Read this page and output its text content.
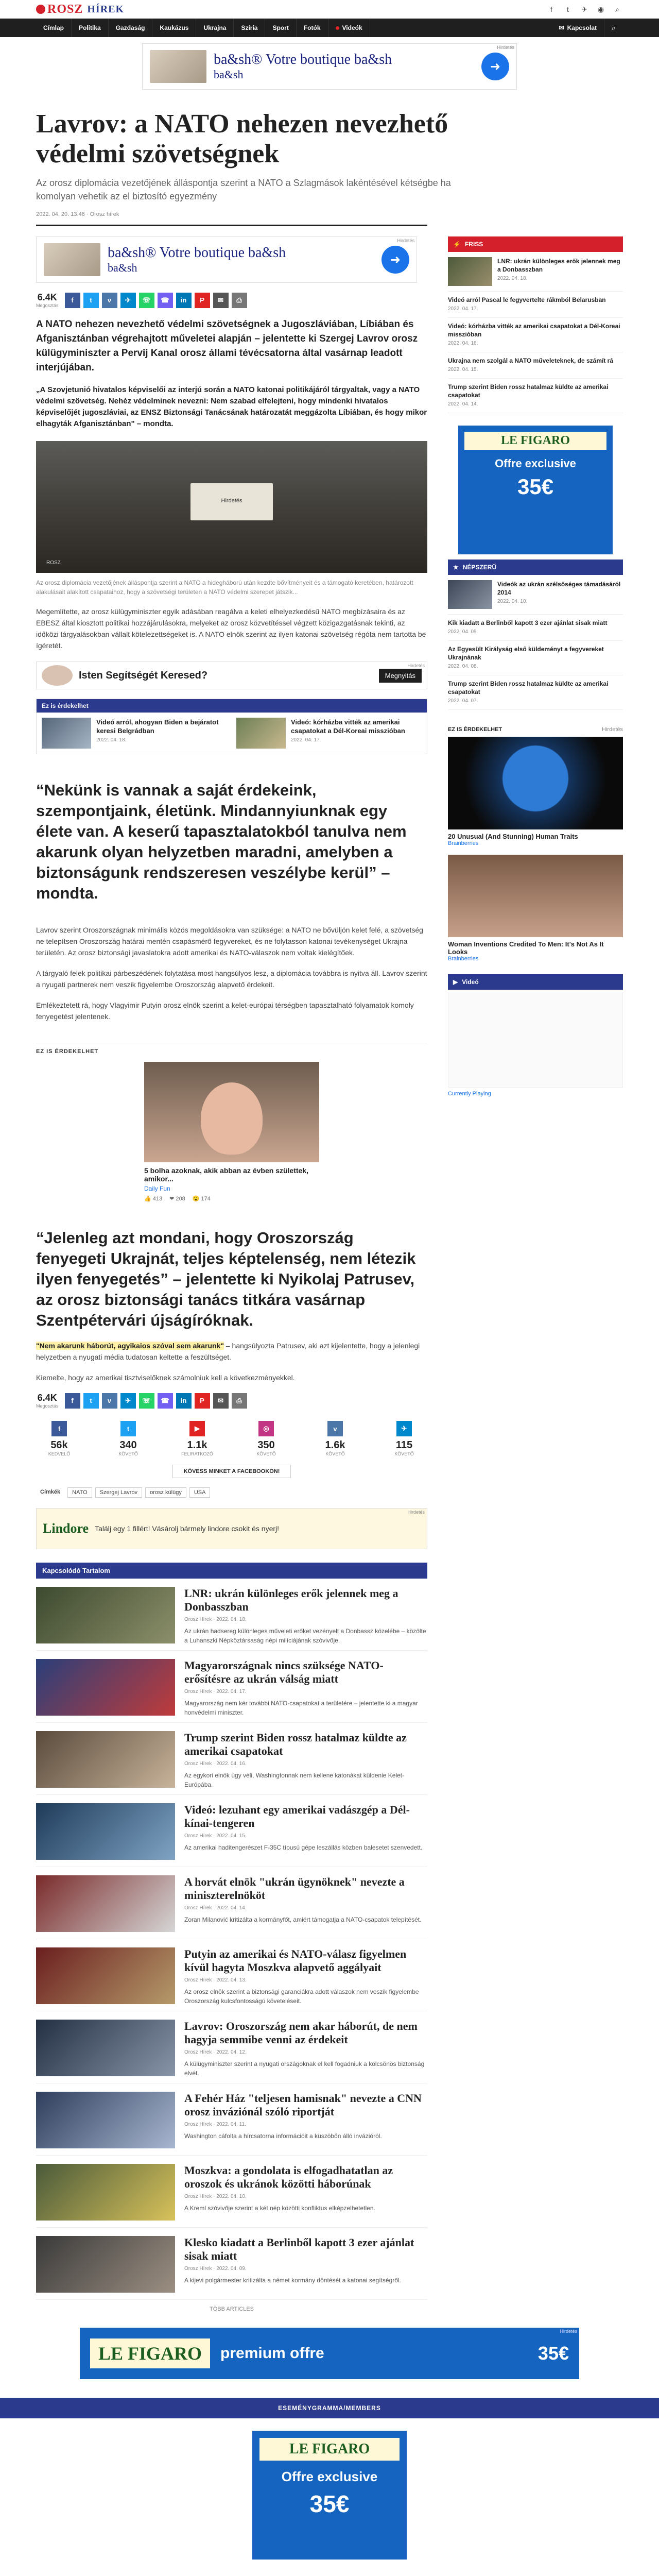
ROSZ HÍREK	f	t	✈	◉	⌕
Címlap	Politika	Gazdaság	Kaukázus	Ukrajna	Szíria	Sport	Fotók	Videók	✉ Kapcsolat	⌕
Hirdetés
ba&sh® Votre boutique ba&sh
ba&sh
➜
Lavrov: a NATO nehezen nevezhető védelmi szövetségnek

Az orosz diplomácia vezetőjének álláspontja szerint a NATO a Szlagmások lakéntésével kétségbe ha komolyan vehetik az el biztosító egyezmény

2022. 04. 20. 13:46 · Orosz hírek
Hirdetés
ba&sh® Votre boutique ba&sh
ba&sh
➜
6.4K
Megosztás
f	t	v	✈	☏	☎	in	P	✉	⎙

A NATO nehezen nevezhető védelmi szövetségnek a Jugoszláviában, Líbiában és Afganisztánban végrehajtott műveletei alapján – jelentette ki Szergej Lavrov orosz külügyminiszter a Pervij Kanal orosz állami tévécsatorna által vasárnap leadott interjújában.

„A Szovjetunió hivatalos képviselői az interjú során a NATO katonai politikájáról tárgyaltak, vagy a NATO védelmi szövetség. Nehéz védelminek nevezni: Nem szabad elfelejteni, hogy mindenki hivatalos képviselőjét jugoszláviai, az ENSZ Biztonsági Tanácsának határozatát meggázolta Líbiában, és hogy mikor elhagyták Afganisztánban" – mondta.

Hirdetés
ROSZ

Az orosz diplomácia vezetőjének álláspontja szerint a NATO a hidegháború után kezdte bővítményeit és a támogató keretében, határozott alakulásait alakított csapataihoz, hogy a szövetségi területen a NATO védelmi szerepet játszik...

Megemlítette, az orosz külügyminiszter egyik adásában reagálva a keleti elhelyezkedésű NATO megbízásaira és az EBESZ által kiosztott politikai hozzájárulásokra, melyeket az orosz közvetítéssel végzett közigazgatásnak tekinti, az időközi tárgyalásokban vállalt kötelezettségeket is. A NATO elnök szerint az ilyen katonai szövetség régóta nem tartotta be ígéretét.

Hirdetés
Isten Segítségét Keresed?	Megnyitás
Ez is érdekelhet
Videó arról, ahogyan Biden a bejáratot keresi Belgrádban
2022. 04. 18.
Videó: kórházba vitték az amerikai csapatokat a Dél-Koreai misszióban
2022. 04. 17.

“Nekünk is vannak a saját érdekeink, szempontjaink, életünk. Mindannyiunknak egy élete van. A keserű tapasztalatokból tanulva nem akarunk olyan helyzetben maradni, amelyben a biztonságunk rendszeresen veszélybe kerül” – mondta.

Lavrov szerint Oroszországnak minimális közös megoldásokra van szüksége: a NATO ne bővüljön kelet felé, a szövetség ne telepítsen Oroszország határai mentén csapásmérő fegyvereket, és ne folytasson katonai tevékenységet Ukrajna területén. Az orosz biztonsági javaslatokra adott amerikai és NATO-válaszok nem voltak kielégítőek.

A tárgyaló felek politikai párbeszédének folytatása most hangsúlyos lesz, a diplomácia továbbra is nyitva áll. Lavrov szerint a nyugati partnerek nem veszik figyelembe Oroszország alapvető érdekeit.

Emlékeztetett rá, hogy Vlagyimir Putyin orosz elnök szerint a kelet-európai térségben tapasztalható folyamatok komoly fenyegetést jelentenek.

EZ IS ÉRDEKELHET
5 bolha azoknak, akik abban az évben születtek, amikor...
Daily Fun
👍 413 ❤ 208 😮 174

“Jelenleg azt mondani, hogy Oroszország fenyegeti Ukrajnát, teljes képtelenség, nem létezik ilyen fenyegetés” – jelentette ki Nyikolaj Patrusev, az orosz biztonsági tanács titkára vasárnap Szentpétervári újságíróknak.

"Nem akarunk háborút, agyikaios szóval sem akarunk" – hangsúlyozta Patrusev, aki azt kijelentette, hogy a jelenlegi helyzetben a nyugati média tudatosan keltette a feszültséget.

Kiemelte, hogy az amerikai tisztviselőknek számolniuk kell a következményekkel.

6.4K
Megosztás
f	t	v	✈	☏	☎	in	P	✉	⎙
f
56k
KEDVELŐ
t
340
KÖVETŐ
▶
1.1k
FELIRATKOZÓ
◎
350
KÖVETŐ
v
1.6k
KÖVETŐ
✈
115
KÖVETŐ
KÖVESS MINKET A FACEBOOKON!
Címkék	NATO	Szergej Lavrov	orosz külügy	USA
Hirdetés
Lindore Találj egy 1 fillért! Vásárolj bármely lindore csokit és nyerj!
Kapcsolódó Tartalom
LNR: ukrán különleges erők jelennek meg a Donbasszban
Orosz Hírek · 2022. 04. 18.
Az ukrán hadsereg különleges műveleti erőket vezényelt a Donbassz közelébe – közölte a Luhanszki Népköztársaság népi milíciájának szóvivője.
Magyarországnak nincs szüksége NATO-erősítésre az ukrán válság miatt
Orosz Hírek · 2022. 04. 17.
Magyarország nem kér további NATO-csapatokat a területére – jelentette ki a magyar honvédelmi miniszter.
Trump szerint Biden rossz hatalmaz küldte az amerikai csapatokat
Orosz Hírek · 2022. 04. 16.
Az egykori elnök úgy véli, Washingtonnak nem kellene katonákat küldenie Kelet-Európába.
Videó: lezuhant egy amerikai vadászgép a Dél-kínai-tengeren
Orosz Hírek · 2022. 04. 15.
Az amerikai haditengerészet F-35C típusú gépe leszállás közben balesetet szenvedett.
A horvát elnök "ukrán ügynöknek" nevezte a miniszterelnököt
Orosz Hírek · 2022. 04. 14.
Zoran Milanović kritizálta a kormányfőt, amiért támogatja a NATO-csapatok telepítését.
Putyin az amerikai és NATO-válasz figyelmen kívül hagyta Moszkva alapvető aggályait
Orosz Hírek · 2022. 04. 13.
Az orosz elnök szerint a biztonsági garanciákra adott válaszok nem veszik figyelembe Oroszország kulcsfontosságú követeléseit.
Lavrov: Oroszország nem akar háborút, de nem hagyja semmibe venni az érdekeit
Orosz Hírek · 2022. 04. 12.
A külügyminiszter szerint a nyugati országoknak el kell fogadniuk a kölcsönös biztonság elvét.
A Fehér Ház "teljesen hamisnak" nevezte a CNN orosz inváziónál szóló riportját
Orosz Hírek · 2022. 04. 11.
Washington cáfolta a hírcsatorna információit a küszöbön álló invázióról.
Moszkva: a gondolata is elfogadhatatlan az oroszok és ukránok közötti háborúnak
Orosz Hírek · 2022. 04. 10.
A Kreml szóvivője szerint a két nép közötti konfliktus elképzelhetetlen.
Klesko kiadatt a Berlinből kapott 3 ezer ajánlat sisak miatt
Orosz Hírek · 2022. 04. 09.
A kijevi polgármester kritizálta a német kormány döntését a katonai segítségről.
TÖBB ARTICLES
⚡ FRISS
LNR: ukrán különleges erők jelennek meg a Donbasszban
2022. 04. 18.
Videó arról Pascal le fegyvertelte rákmból Belarusban
2022. 04. 17.
Videó: kórházba vitték az amerikai csapatokat a Dél-Koreai misszióban
2022. 04. 16.
Ukrajna nem szolgál a NATO műveleteknek, de számít rá
2022. 04. 15.
Trump szerint Biden rossz hatalmaz küldte az amerikai csapatokat
2022. 04. 14.
LE FIGARO
Offre exclusive
35€
★ NÉPSZERŰ
Videók az ukrán szélsőséges támadásáról 2014
2022. 04. 10.
Kik kiadatt a Berlinből kapott 3 ezer ajánlat sisak miatt
2022. 04. 09.
Az Egyesült Királyság első küldeményt a fegyvereket Ukrajnának
2022. 04. 08.
Trump szerint Biden rossz hatalmaz küldte az amerikai csapatokat
2022. 04. 07.
EZ IS ÉRDEKELHET	Hirdetés
20 Unusual (And Stunning) Human Traits
Brainberries
Woman Inventions Credited To Men: It's Not As It Looks
Brainberries
▶ Videó
Currently Playing
Hirdetés
LE FIGARO	premium offre	35€
ESEMÉNYGRAMMA/MEMBERS
LE FIGARO
Offre exclusive
35€
